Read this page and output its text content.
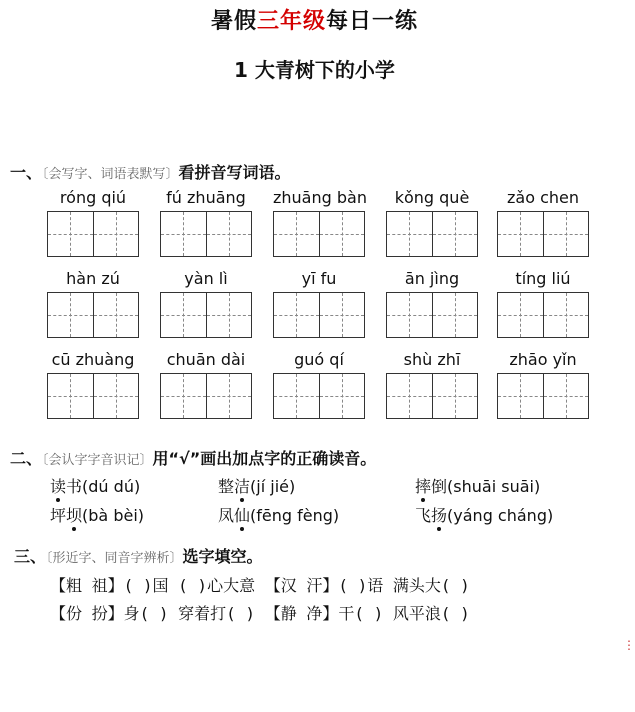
暑假三年级每日一练
1 大青树下的小学
一、〔会写字、词语表默写〕看拼音写词语。
róng qiú	fú zhuāng	zhuāng bàn	kǒng què	zǎo chen
hàn zú	yàn lì	yī fu	ān jìng	tíng liú
cū zhuàng	chuān dài	guó qí	shù zhī	zhāo yǐn
二、〔会认字字音识记〕用“√”画出加点字的正确读音。
读书(dú dú)	整洁(jí jié)	摔倒(shuāi suāi)
坪坝(bà bèi)	凤仙(fēng fèng)	飞扬(yáng cháng)
三、〔形近字、同音字辨析〕选字填空。
【粗 祖】( )国 ( )心大意 【汉 汗】( )语 满头大( )
【份 扮】身( ) 穿着打( ) 【静 净】干( ) 风平浪( )
⋮
